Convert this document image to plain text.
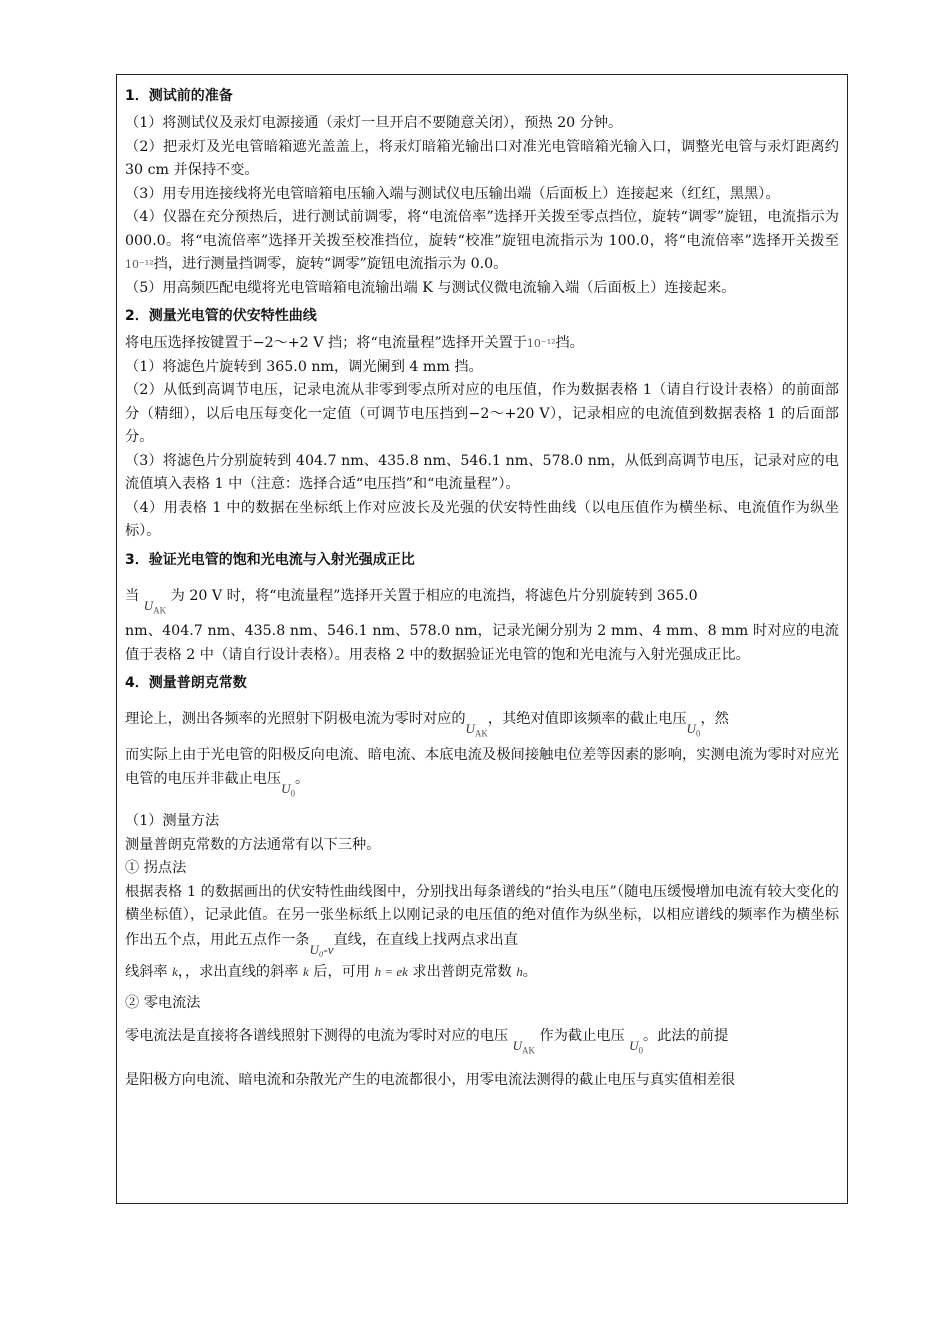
1．测试前的准备

（1）将测试仪及汞灯电源接通（汞灯一旦开启不要随意关闭），预热 20 分钟。

（2）把汞灯及光电管暗箱遮光盖盖上，将汞灯暗箱光输出口对准光电管暗箱光输入口，调整光电管与汞灯距离约 30 cm 并保持不变。

（3）用专用连接线将光电管暗箱电压输入端与测试仪电压输出端（后面板上）连接起来（红红，黑黑）。

（4）仪器在充分预热后，进行测试前调零，将“电流倍率”选择开关拨至零点挡位，旋转“调零”旋钮，电流指示为 000.0。将“电流倍率”选择开关拨至校准挡位，旋转“校准”旋钮电流指示为 100.0，将“电流倍率”选择开关拨至10⁻¹²挡，进行测量挡调零，旋转“调零”旋钮电流指示为 0.0。

（5）用高频匹配电缆将光电管暗箱电流输出端 K 与测试仪微电流输入端（后面板上）连接起来。

2．测量光电管的伏安特性曲线

将电压选择按键置于−2～+2 V 挡；将“电流量程”选择开关置于10⁻¹²挡。

（1）将滤色片旋转到 365.0 nm，调光阑到 4 mm 挡。

（2）从低到高调节电压，记录电流从非零到零点所对应的电压值，作为数据表格 1（请自行设计表格）的前面部分（精细），以后电压每变化一定值（可调节电压挡到−2～+20 V），记录相应的电流值到数据表格 1 的后面部分。

（3）将滤色片分别旋转到 404.7 nm、435.8 nm、546.1 nm、578.0 nm，从低到高调节电压，记录对应的电流值填入表格 1 中（注意：选择合适“电压挡”和“电流量程”）。

（4）用表格 1 中的数据在坐标纸上作对应波长及光强的伏安特性曲线（以电压值作为横坐标、电流值作为纵坐标）。

3．验证光电管的饱和光电流与入射光强成正比

当 $U_{AK}$ 为 20 V 时，将“电流量程”选择开关置于相应的电流挡，将滤色片分别旋转到 365.0

nm、404.7 nm、435.8 nm、546.1 nm、578.0 nm，记录光阑分别为 2 mm、4 mm、8 mm 时对应的电流值于表格 2 中（请自行设计表格）。用表格 2 中的数据验证光电管的饱和光电流与入射光强成正比。

4．测量普朗克常数

理论上，测出各频率的光照射下阴极电流为零时对应的$U_{AK}$，其绝对值即该频率的截止电压$U_0$，然

而实际上由于光电管的阳极反向电流、暗电流、本底电流及极间接触电位差等因素的影响，实测电流为零时对应光电管的电压并非截止电压$U_0$。

（1）测量方法

测量普朗克常数的方法通常有以下三种。

① 拐点法

根据表格 1 的数据画出的伏安特性曲线图中，分别找出每条谱线的“抬头电压”（随电压缓慢增加电流有较大变化的横坐标值），记录此值。在另一张坐标纸上以刚记录的电压值的绝对值作为纵坐标，以相应谱线的频率作为横坐标作出五个点，用此五点作一条U₀-ν直线，在直线上找两点求出直

线斜率 k，，求出直线的斜率 k 后，可用 h = ek 求出普朗克常数 h。

② 零电流法

零电流法是直接将各谱线照射下测得的电流为零时对应的电压 $U_{AK}$ 作为截止电压 $U_0$。此法的前提

是阳极方向电流、暗电流和杂散光产生的电流都很小，用零电流法测得的截止电压与真实值相差很
